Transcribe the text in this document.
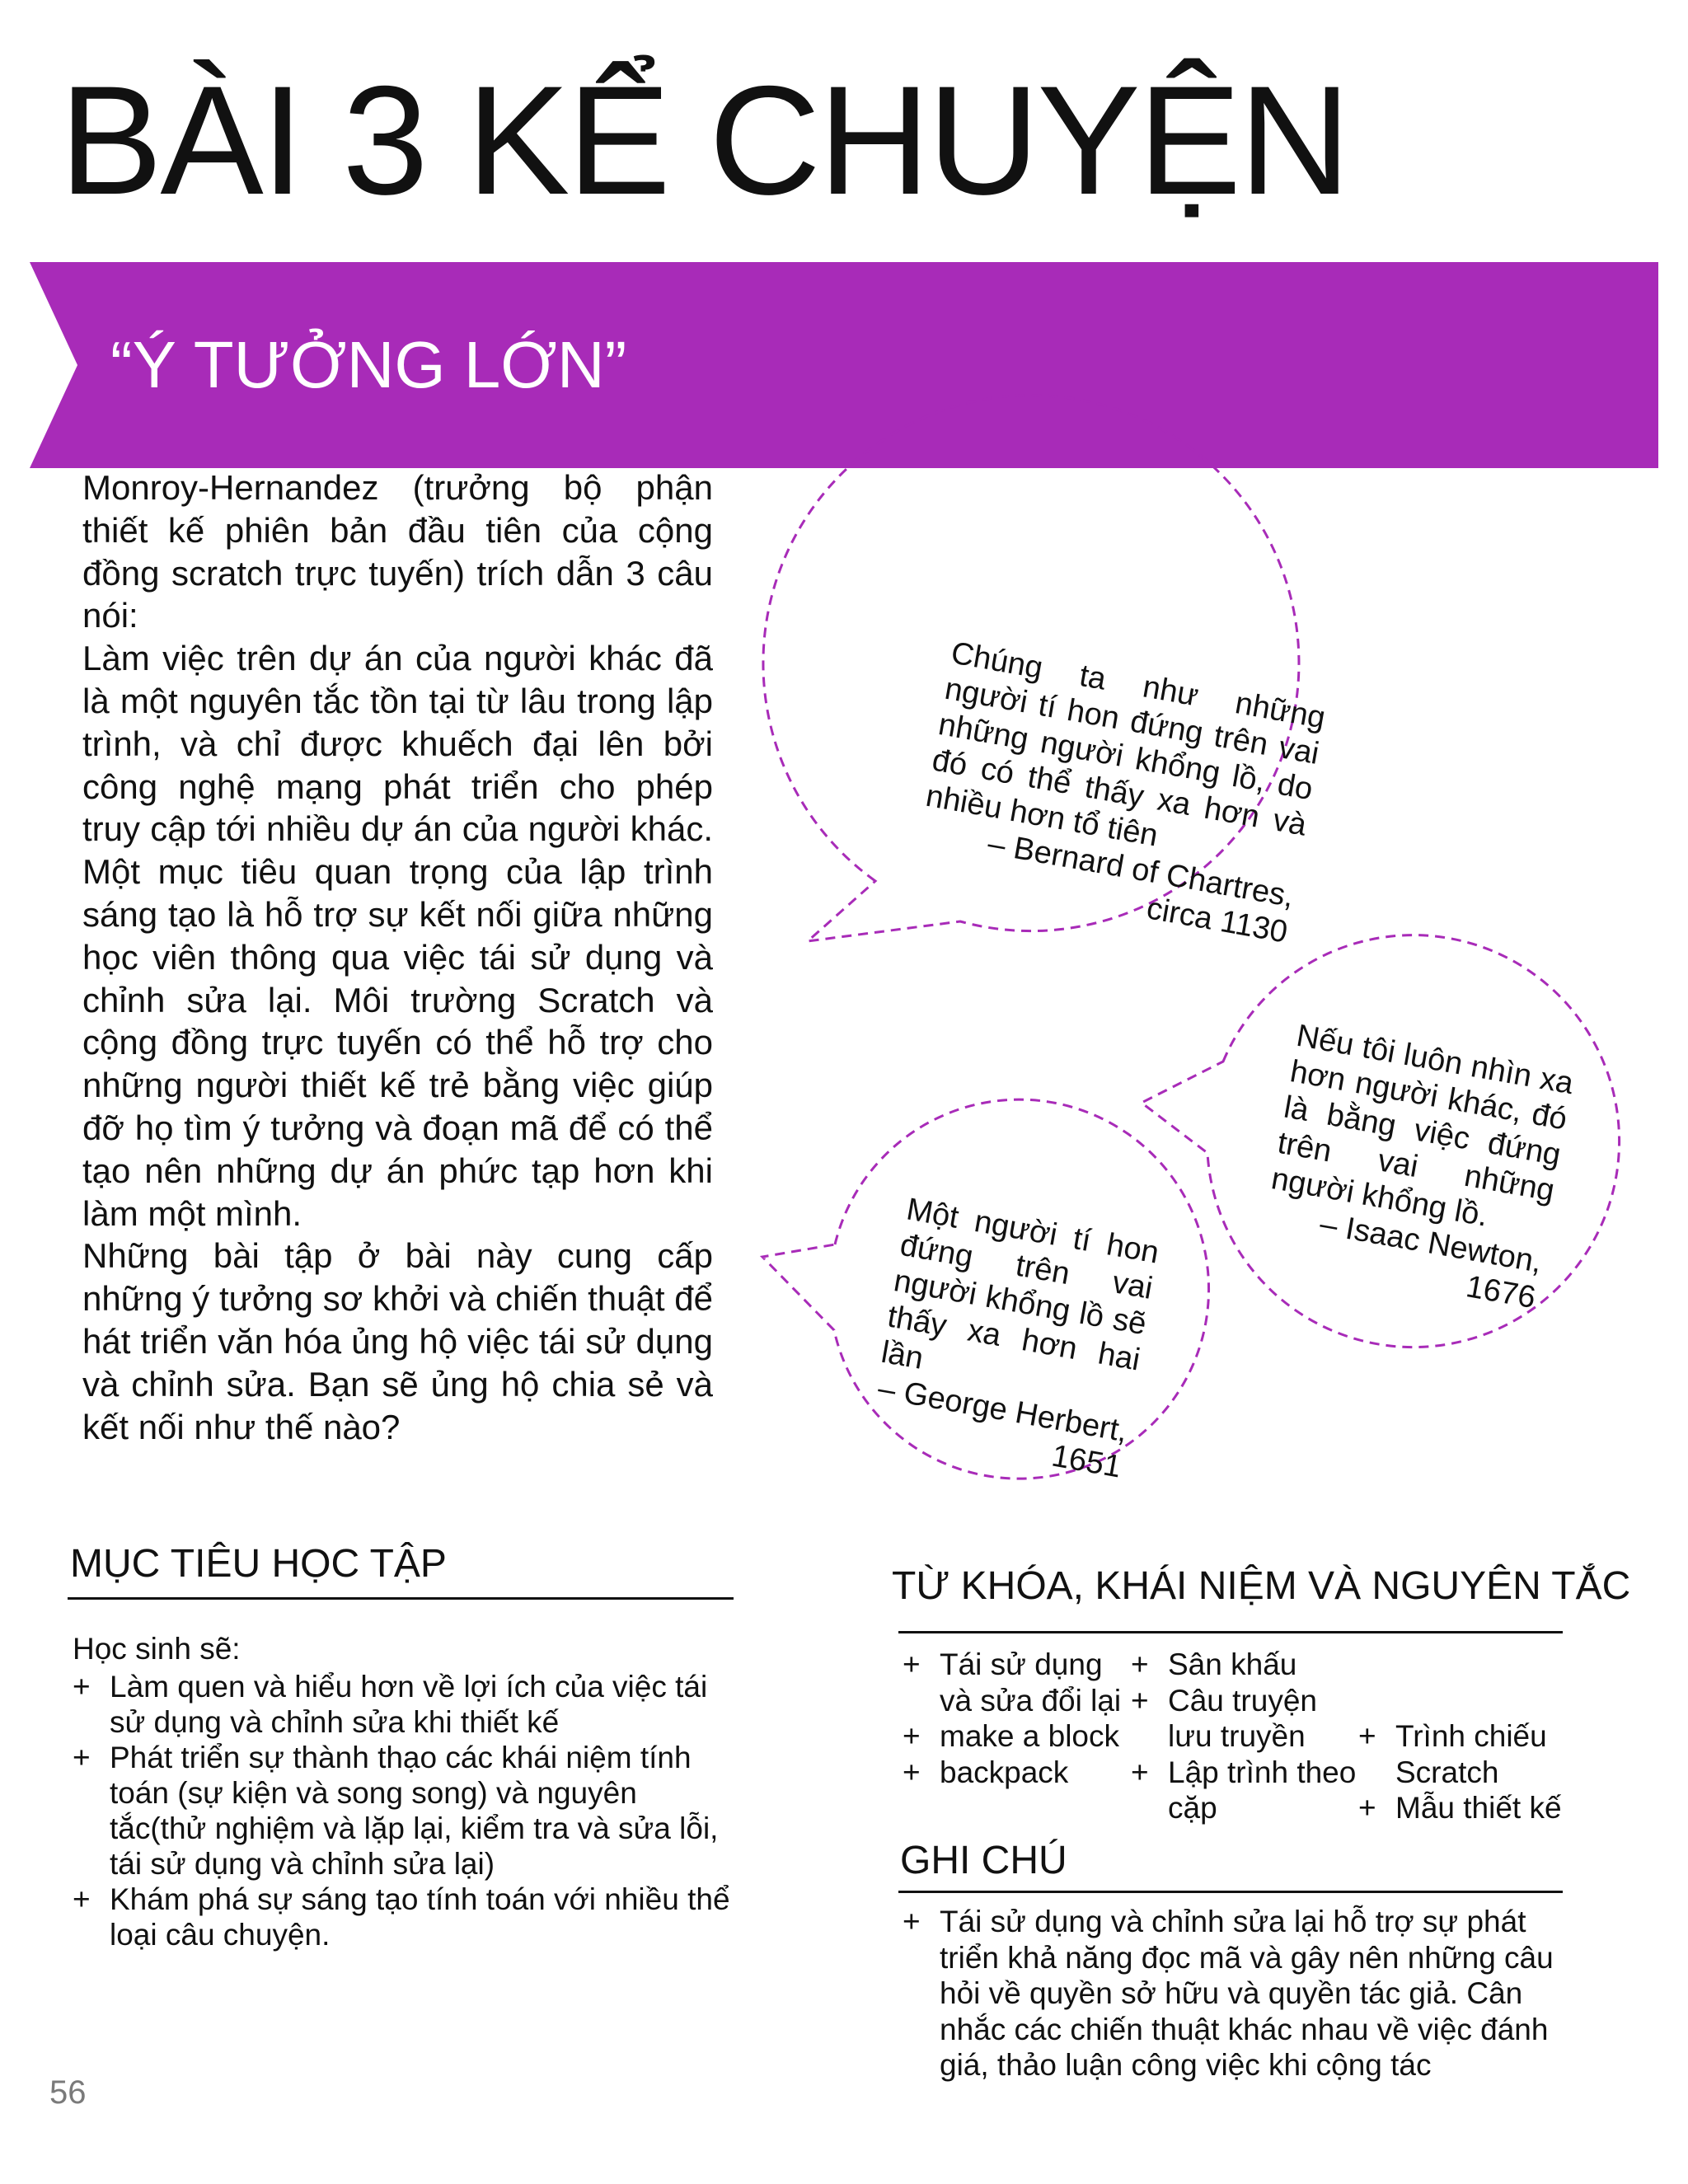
BÀI 3 KỂ CHUYỆN
“Ý TƯỞNG LỚN”

Monroy-Hernandez (trưởng bộ phận thiết kế phiên bản đầu tiên của cộng đồng scratch trực tuyến) trích dẫn 3 câu nói:

Làm việc trên dự án của người khác đã là một nguyên tắc tồn tại từ lâu trong lập trình, và chỉ được khuếch đại lên bởi công nghệ mạng phát triển cho phép truy cập tới nhiều dự án của người khác. Một mục tiêu quan trọng của lập trình sáng tạo là hỗ trợ sự kết nối giữa những học viên thông qua việc tái sử dụng và chỉnh sửa lại. Môi trường Scratch và cộng đồng trực tuyến có thể hỗ trợ cho những người thiết kế trẻ bằng việc giúp đỡ họ tìm ý tưởng và đoạn mã để có thể tạo nên những dự án phức tạp hơn khi làm một mình.

Những bài tập ở bài này cung cấp những ý tưởng sơ khởi và chiến thuật để hát triển văn hóa ủng hộ việc tái sử dụng và chỉnh sửa. Bạn sẽ ủng hộ chia sẻ và kết nối như thế nào?

Chúng ta như những người tí hon đứng trên vai những người khổng lồ, do đó có thể thấy xa hơn và nhiều hơn tổ tiên

– Bernard of Chartres, circa 1130

Nếu tôi luôn nhìn xa hơn người khác, đó là bằng việc đứng trên vai những người khổng lồ.

– Isaac Newton, 1676

Một người tí hon đứng trên vai người khổng lồ sẽ thấy xa hơn hai lần

– George Herbert, 1651

MỤC TIÊU HỌC TẬP
Học sinh sẽ:
+ Làm quen và hiểu hơn về lợi ích của việc tái sử dụng và chỉnh sửa khi thiết kế
+ Phát triển sự thành thạo các khái niệm tính toán (sự kiện và song song) và nguyên tắc(thử nghiệm và lặp lại, kiểm tra và sửa lỗi, tái sử dụng và chỉnh sửa lại)
+ Khám phá sự sáng tạo tính toán với nhiều thể loại câu chuyện.
TỪ KHÓA, KHÁI NIỆM VÀ NGUYÊN TẮC
+ Tái sử dụng và sửa đổi lại
+ make a block
+ backpack
+ Sân khấu
+ Câu truyện lưu truyền
+ Lập trình theo cặp
+ Trình chiếu Scratch
+ Mẫu thiết kế
GHI CHÚ
+ Tái sử dụng và chỉnh sửa lại hỗ trợ sự phát triển khả năng đọc mã và gây nên những câu hỏi về quyền sở hữu và quyền tác giả. Cân nhắc các chiến thuật khác nhau về việc đánh giá, thảo luận công việc khi cộng tác
56
